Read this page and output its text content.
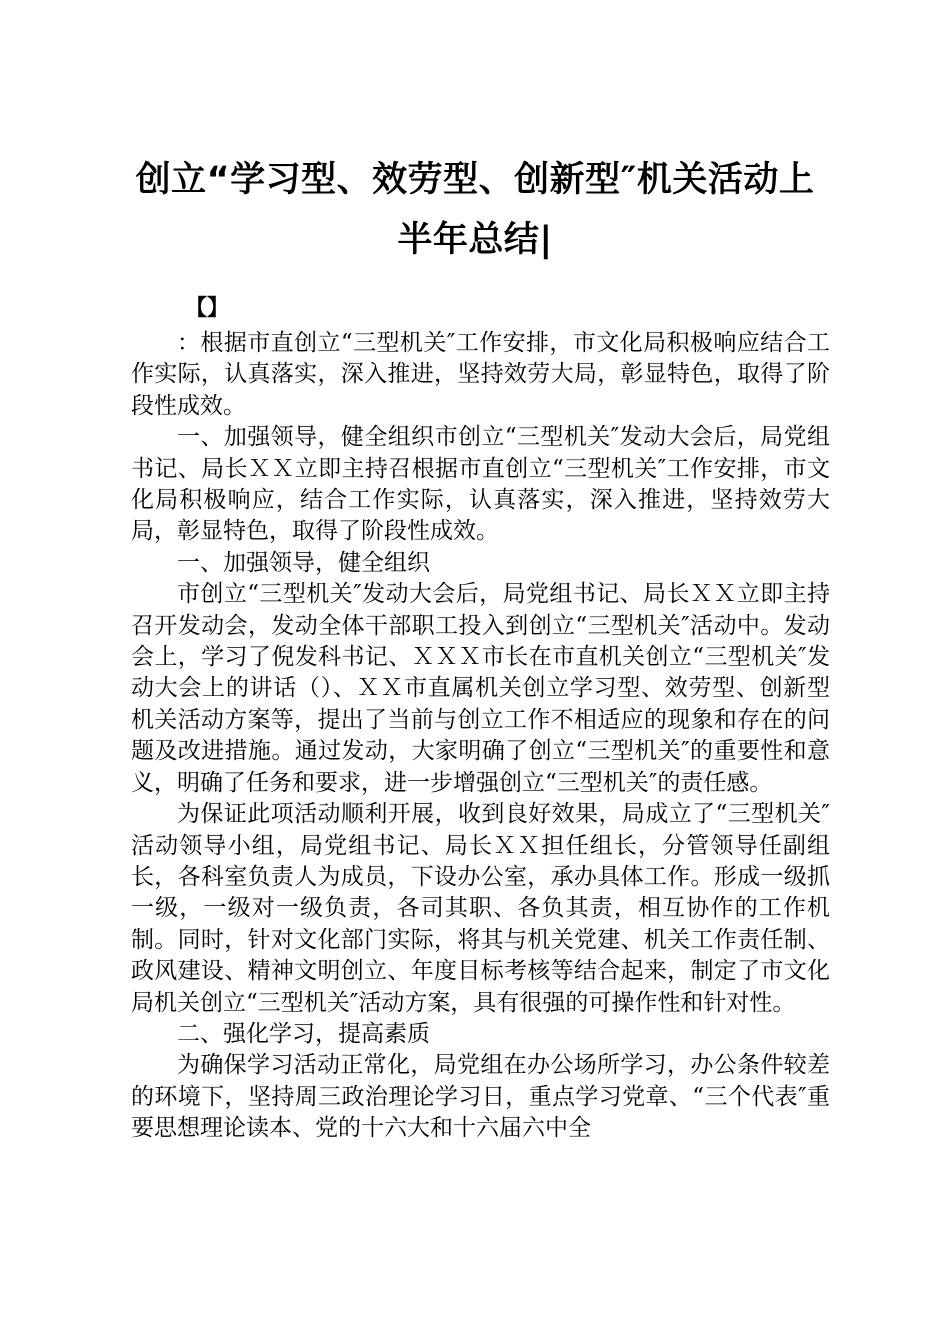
创立“学习型、效劳型、创新型″机关活动上
半年总结|
【】

：根据市直创立“三型机关″工作安排，市文化局积极响应结合工作实际，认真落实，深入推进，坚持效劳大局，彰显特色，取得了阶段性成效。

一、加强领导，健全组织市创立“三型机关″发动大会后，局党组书记、局长ＸＸ立即主持召根据市直创立“三型机关″工作安排，市文化局积极响应，结合工作实际，认真落实，深入推进，坚持效劳大局，彰显特色，取得了阶段性成效。

一、加强领导，健全组织

市创立“三型机关″发动大会后，局党组书记、局长ＸＸ立即主持召开发动会，发动全体干部职工投入到创立“三型机关″活动中。发动会上，学习了倪发科书记、ＸＸＸ市长在市直机关创立“三型机关″发动大会上的讲话（）、ＸＸ市直属机关创立学习型、效劳型、创新型机关活动方案等，提出了当前与创立工作不相适应的现象和存在的问题及改进措施。通过发动，大家明确了创立“三型机关″的重要性和意义，明确了任务和要求，进一步增强创立“三型机关″的责任感。

为保证此项活动顺利开展，收到良好效果，局成立了“三型机关″活动领导小组，局党组书记、局长ＸＸ担任组长，分管领导任副组长，各科室负责人为成员，下设办公室，承办具体工作。形成一级抓一级，一级对一级负责，各司其职、各负其责，相互协作的工作机制。同时，针对文化部门实际，将其与机关党建、机关工作责任制、政风建设、精神文明创立、年度目标考核等结合起来，制定了市文化局机关创立“三型机关″活动方案，具有很强的可操作性和针对性。

二、强化学习，提高素质

为确保学习活动正常化，局党组在办公场所学习，办公条件较差的环境下，坚持周三政治理论学习日，重点学习党章、“三个代表″重要思想理论读本、党的十六大和十六届六中全
